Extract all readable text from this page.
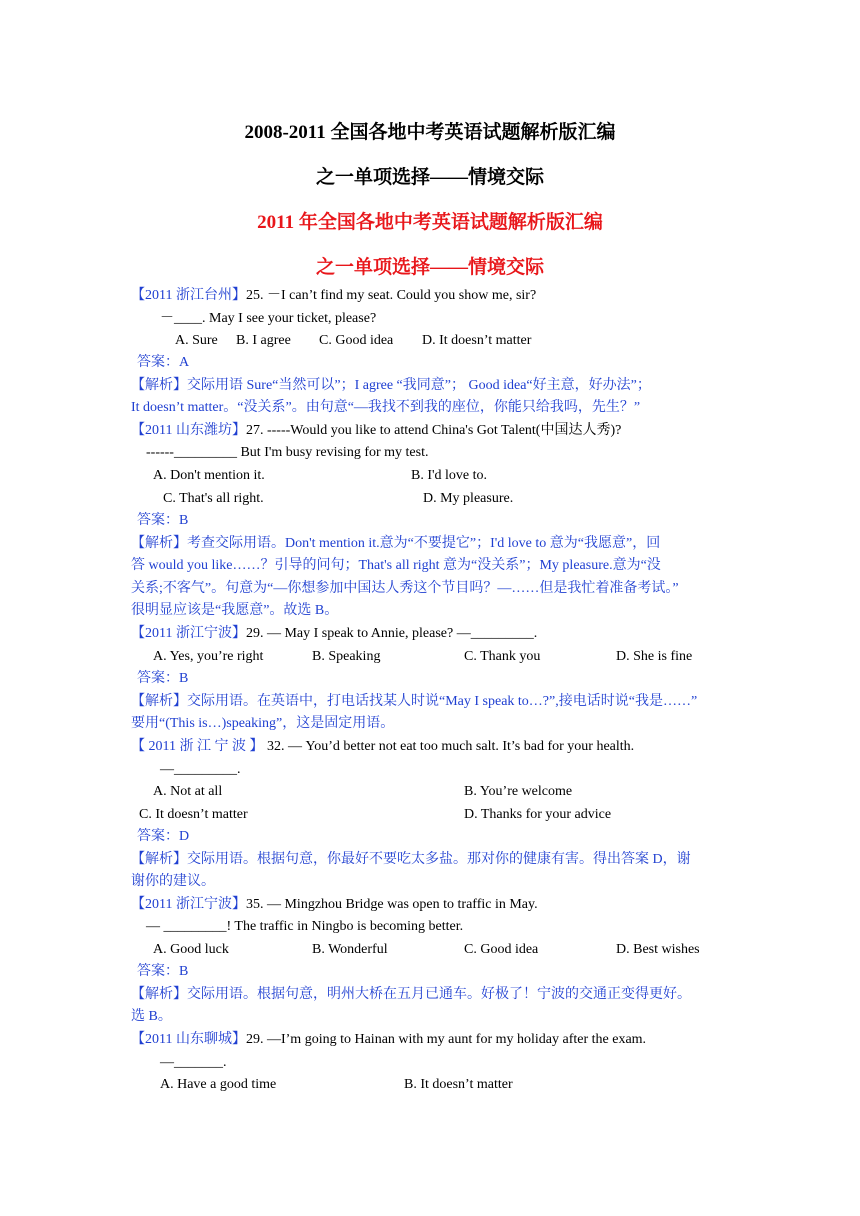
2008-2011 全国各地中考英语试题解析版汇编
之一单项选择——情境交际
2011 年全国各地中考英语试题解析版汇编
之一单项选择——情境交际
【2011 浙江台州】25. －I can’t find my seat. Could you show me, sir?
－____. May I see your ticket, please?
A. Sure B. I agree C. Good idea D. It doesn’t matter
答案：A
【解析】交际用语 Sure“当然可以”；I agree “我同意”； Good idea“好主意，好办法”；
It doesn’t matter。“没关系”。由句意“—我找不到我的座位，你能只给我吗，先生？”
【2011 山东潍坊】27. -----Would you like to attend China's Got Talent(中国达人秀)?
------_________ But I'm busy revising for my test.
A. Don't mention it.	B. I'd love to.
C. That's all right.	D. My pleasure.
答案：B
【解析】考查交际用语。Don't mention it.意为“不要提它”；I'd love to 意为“我愿意”，回
答 would you like……？引导的问句；That's all right 意为“没关系”；My pleasure.意为“没
关系;不客气”。句意为“—你想参加中国达人秀这个节目吗？—……但是我忙着准备考试。”
很明显应该是“我愿意”。故选 B。
【2011 浙江宁波】29. — May I speak to Annie, please? —_________.
A. Yes, you’re right	B. Speaking	C. Thank you	D. She is fine
答案：B
【解析】交际用语。在英语中，打电话找某人时说“May I speak to…?”,接电话时说“我是……”
要用“(This is…)speaking”，这是固定用语。
【 2011 浙 江 宁 波 】 32. — You’d better not eat too much salt. It’s bad for your health.
—_________.
A. Not at all	B. You’re welcome
C. It doesn’t matter	D. Thanks for your advice
答案：D
【解析】交际用语。根据句意，你最好不要吃太多盐。那对你的健康有害。得出答案 D，谢
谢你的建议。
【2011 浙江宁波】35. — Mingzhou Bridge was open to traffic in May.
— _________! The traffic in Ningbo is becoming better.
A. Good luck	B. Wonderful	C. Good idea	D. Best wishes
答案：B
【解析】交际用语。根据句意，明州大桥在五月已通车。好极了！宁波的交通正变得更好。
选 B。
【2011 山东聊城】29. —I’m going to Hainan with my aunt for my holiday after the exam.
—_______.
A. Have a good time	B. It doesn’t matter
